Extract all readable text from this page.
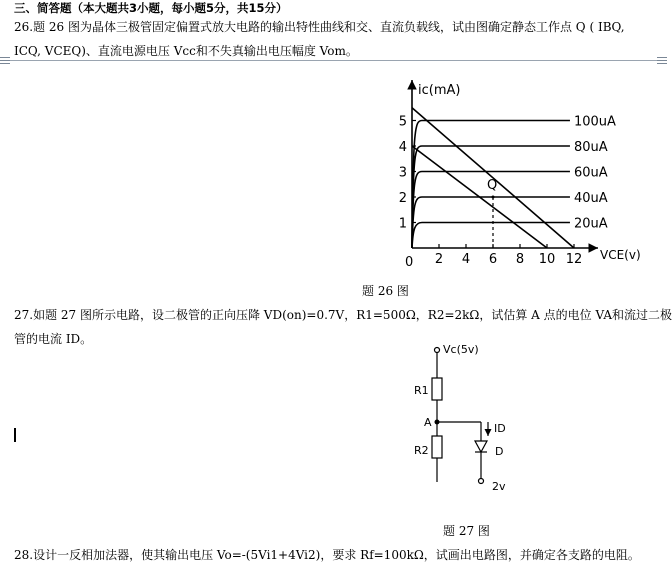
三、简答题（本大题共3小题，每小题5分，共15分）
26.题 26 图为晶体三极管固定偏置式放大电路的输出特性曲线和交、直流负载线，试由图确定静态工作点 Q ( IBQ,
ICQ, VCEQ)、直流电源电压 Vcc和不失真输出电压幅度 Vom。
ic(mA)
VCE(v)
0 2 4 6 8 10 12
1
2
3
4
5
20uA
40uA
60uA
80uA
100uA
Q
题 26 图
27.如题 27 图所示电路，设二极管的正向压降 VD(on)=0.7V，R1=500Ω，R2=2kΩ，试估算 A 点的电位 VA和流过二极
管的电流 ID。
Vc(5v)
R1
A
R2
ID
D
2v
题 27 图
28.设计一反相加法器，使其输出电压 Vo=-(5Vi1+4Vi2)，要求 Rf=100kΩ，试画出电路图，并确定各支路的电阻。
